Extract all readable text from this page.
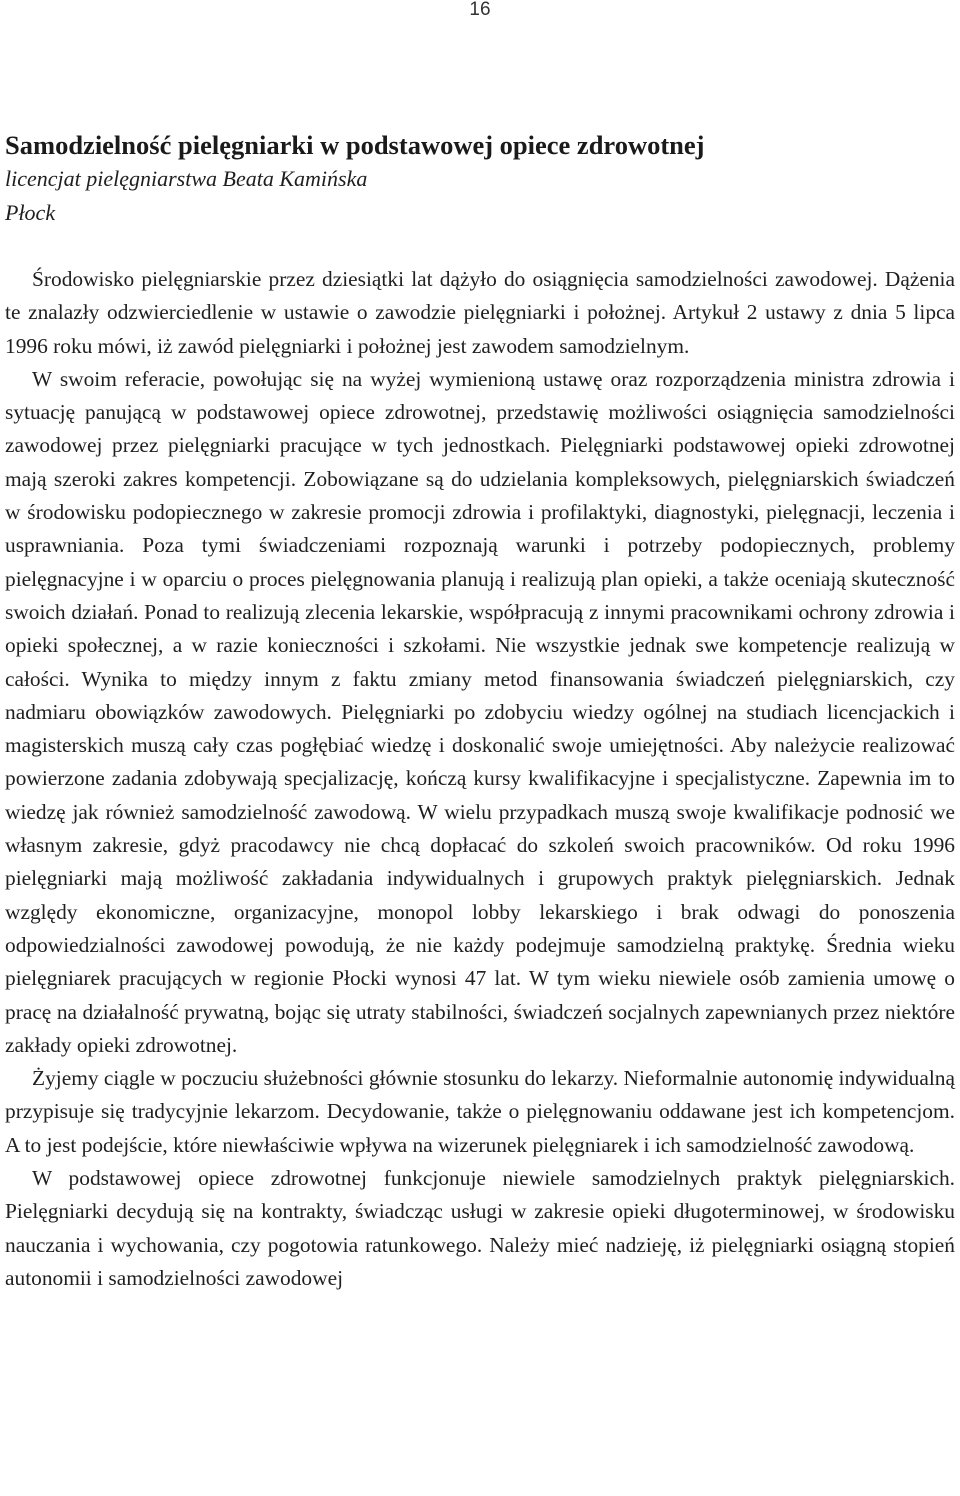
16
Samodzielność pielęgniarki w podstawowej opiece zdrowotnej

licencjat pielęgniarstwa Beata Kamińska

Płock

Środowisko pielęgniarskie przez dziesiątki lat dążyło do osiągnięcia samodzielności zawodowej. Dążenia te znalazły odzwierciedlenie w ustawie o zawodzie pielęgniarki i położnej. Artykuł 2 ustawy z dnia 5 lipca 1996 roku mówi, iż zawód pielęgniarki i położnej jest zawodem samodzielnym.

W swoim referacie, powołując się na wyżej wymienioną ustawę oraz rozporządzenia ministra zdrowia i sytuację panującą w podstawowej opiece zdrowotnej, przedstawię możliwości osiągnięcia samodzielności zawodowej przez pielęgniarki pracujące w tych jednostkach. Pielęgniarki podstawowej opieki zdrowotnej mają szeroki zakres kompetencji. Zobowiązane są do udzielania kompleksowych, pielęgniarskich świadczeń w środowisku podopiecznego w zakresie promocji zdrowia i profilaktyki, diagnostyki, pielęgnacji, leczenia i usprawniania. Poza tymi świadczeniami rozpoznają warunki i potrzeby podopiecznych, problemy pielęgnacyjne i w oparciu o proces pielęgnowania planują i realizują plan opieki, a także oceniają skuteczność swoich działań. Ponad to realizują zlecenia lekarskie, współpracują z innymi pracownikami ochrony zdrowia i opieki społecznej, a w razie konieczności i szkołami. Nie wszystkie jednak swe kompetencje realizują w całości. Wynika to między innym z faktu zmiany metod finansowania świadczeń pielęgniarskich, czy nadmiaru obowiązków zawodowych. Pielęgniarki po zdobyciu wiedzy ogólnej na studiach licencjackich i magisterskich muszą cały czas pogłębiać wiedzę i doskonalić swoje umiejętności. Aby należycie realizować powierzone zadania zdobywają specjalizację, kończą kursy kwalifikacyjne i specjalistyczne. Zapewnia im to wiedzę jak również samodzielność zawodową. W wielu przypadkach muszą swoje kwalifikacje podnosić we własnym zakresie, gdyż pracodawcy nie chcą dopłacać do szkoleń swoich pracowników. Od roku 1996 pielęgniarki mają możliwość zakładania indywidualnych i grupowych praktyk pielęgniarskich. Jednak względy ekonomiczne, organizacyjne, monopol lobby lekarskiego i brak odwagi do ponoszenia odpowiedzialności zawodowej powodują, że nie każdy podejmuje samodzielną praktykę. Średnia wieku pielęgniarek pracujących w regionie Płocki wynosi 47 lat. W tym wieku niewiele osób zamienia umowę o pracę na działalność prywatną, bojąc się utraty stabilności, świadczeń socjalnych zapewnianych przez niektóre zakłady opieki zdrowotnej.

Żyjemy ciągle w poczuciu służebności głównie stosunku do lekarzy. Nieformalnie autonomię indywidualną przypisuje się tradycyjnie lekarzom. Decydowanie, także o pielęgnowaniu oddawane jest ich kompetencjom. A to jest podejście, które niewłaściwie wpływa na wizerunek pielęgniarek i ich samodzielność zawodową.

W podstawowej opiece zdrowotnej funkcjonuje niewiele samodzielnych praktyk pielęgniarskich. Pielęgniarki decydują się na kontrakty, świadcząc usługi w zakresie opieki długoterminowej, w środowisku nauczania i wychowania, czy pogotowia ratunkowego. Należy mieć nadzieję, iż pielęgniarki osiągną stopień autonomii i samodzielności zawodowej
